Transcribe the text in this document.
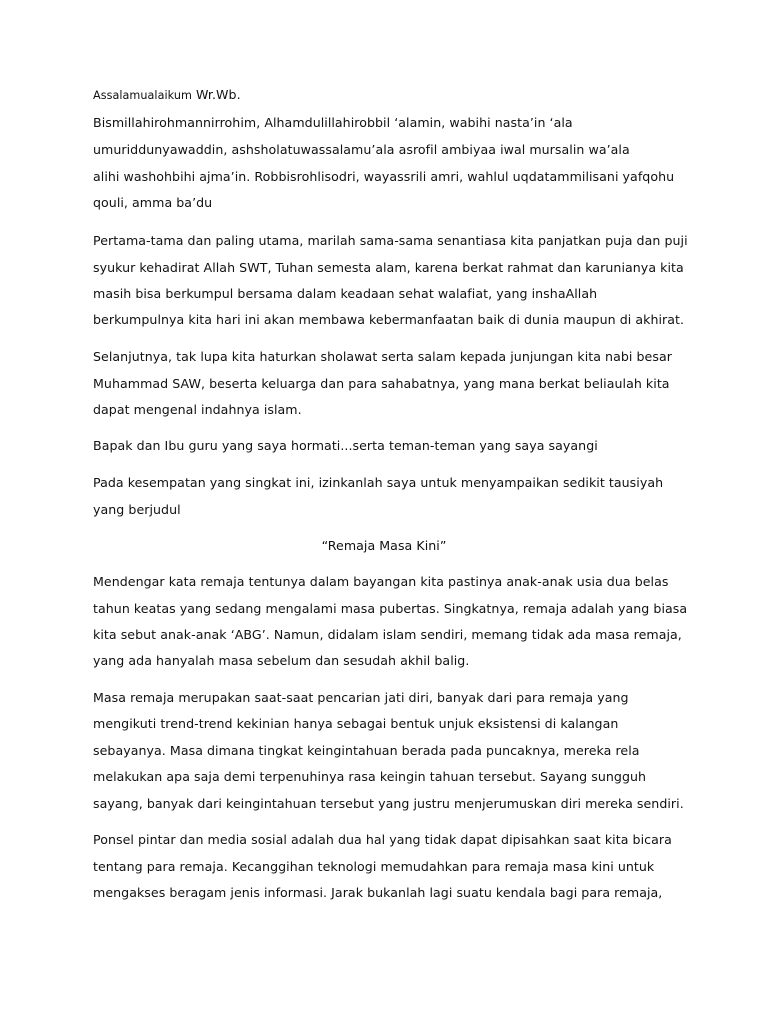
Assalamualaikum Wr.Wb.
Bismillahirohmannirrohim, Alhamdulillahirobbil ‘alamin, wabihi nasta’in ‘ala
umuriddunyawaddin, ashsholatuwassalamu’ala asrofil ambiyaa iwal mursalin wa’ala
alihi washohbihi ajma’in. Robbisrohlisodri, wayassrili amri, wahlul uqdatammilisani yafqohu
qouli, amma ba’du
Pertama-tama dan paling utama, marilah sama-sama senantiasa kita panjatkan puja dan puji
syukur kehadirat Allah SWT, Tuhan semesta alam, karena berkat rahmat dan karunianya kita
masih bisa berkumpul bersama dalam keadaan sehat walafiat, yang inshaAllah
berkumpulnya kita hari ini akan membawa kebermanfaatan baik di dunia maupun di akhirat.
Selanjutnya, tak lupa kita haturkan sholawat serta salam kepada junjungan kita nabi besar
Muhammad SAW, beserta keluarga dan para sahabatnya, yang mana berkat beliaulah kita
dapat mengenal indahnya islam.
Bapak dan Ibu guru yang saya hormati...serta teman-teman yang saya sayangi
Pada kesempatan yang singkat ini, izinkanlah saya untuk menyampaikan sedikit tausiyah
yang berjudul
“Remaja Masa Kini”
Mendengar kata remaja tentunya dalam bayangan kita pastinya anak-anak usia dua belas
tahun keatas yang sedang mengalami masa pubertas. Singkatnya, remaja adalah yang biasa
kita sebut anak-anak ‘ABG’. Namun, didalam islam sendiri, memang tidak ada masa remaja,
yang ada hanyalah masa sebelum dan sesudah akhil balig.
Masa remaja merupakan saat-saat pencarian jati diri, banyak dari para remaja yang
mengikuti trend-trend kekinian hanya sebagai bentuk unjuk eksistensi di kalangan
sebayanya. Masa dimana tingkat keingintahuan berada pada puncaknya, mereka rela
melakukan apa saja demi terpenuhinya rasa keingin tahuan tersebut. Sayang sungguh
sayang, banyak dari keingintahuan tersebut yang justru menjerumuskan diri mereka sendiri.
Ponsel pintar dan media sosial adalah dua hal yang tidak dapat dipisahkan saat kita bicara
tentang para remaja. Kecanggihan teknologi memudahkan para remaja masa kini untuk
mengakses beragam jenis informasi. Jarak bukanlah lagi suatu kendala bagi para remaja,
